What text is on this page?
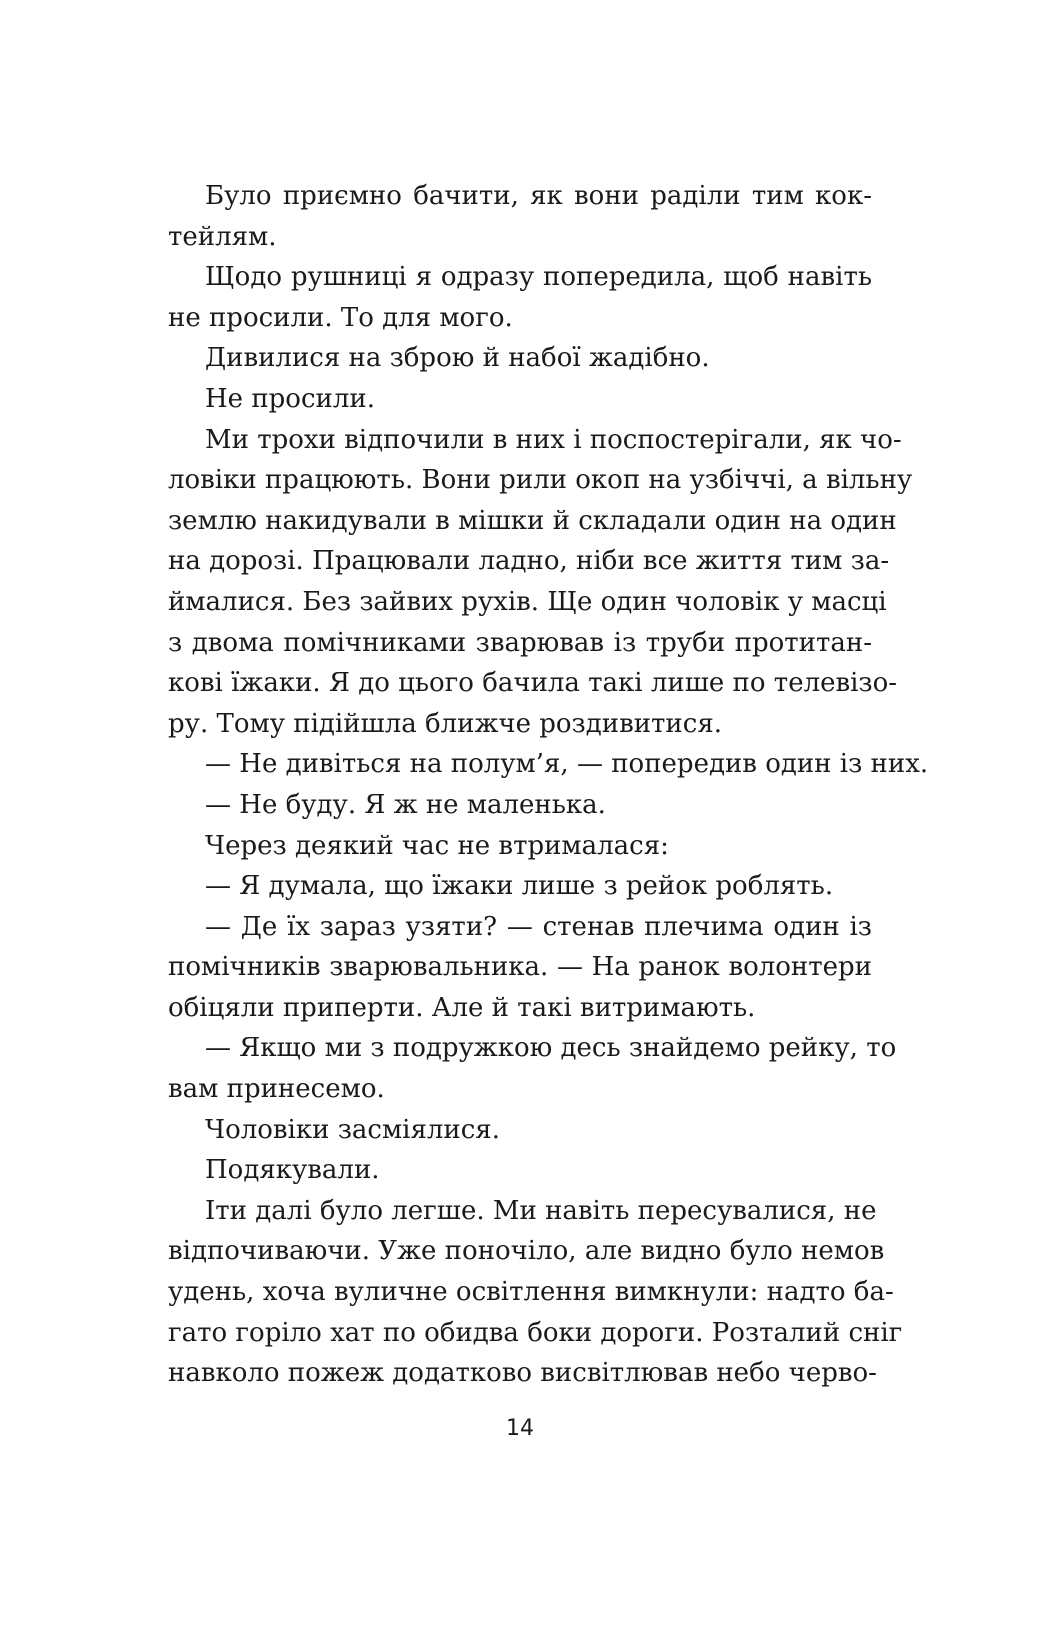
Було приємно бачити, як вони раділи тим кок-
тейлям.
Щодо рушниці я одразу попередила, щоб навіть
не просили. То для мого.
Дивилися на зброю й набої жадібно.
Не просили.
Ми трохи відпочили в них і поспостерігали, як чо-
ловіки працюють. Вони рили окоп на узбіччі, а вільну
землю накидували в мішки й складали один на один
на дорозі. Працювали ладно, ніби все життя тим за-
ймалися. Без зайвих рухів. Ще один чоловік у масці
з двома помічниками зварював із труби протитан-
кові їжаки. Я до цього бачила такі лише по телевізо-
ру. Тому підійшла ближче роздивитися.
— Не дивіться на полум’я, — попередив один із них.
— Не буду. Я ж не маленька.
Через деякий час не втрималася:
— Я думала, що їжаки лише з рейок роблять.
— Де їх зараз узяти? — стенав плечима один із
помічників зварювальника. — На ранок волонтери
обіцяли приперти. Але й такі витримають.
— Якщо ми з подружкою десь знайдемо рейку, то
вам принесемо.
Чоловіки засміялися.
Подякували.
Іти далі було легше. Ми навіть пересувалися, не
відпочиваючи. Уже поночіло, але видно було немов
удень, хоча вуличне освітлення вимкнули: надто ба-
гато горіло хат по обидва боки дороги. Розталий сніг
навколо пожеж додатково висвітлював небо черво-
14
